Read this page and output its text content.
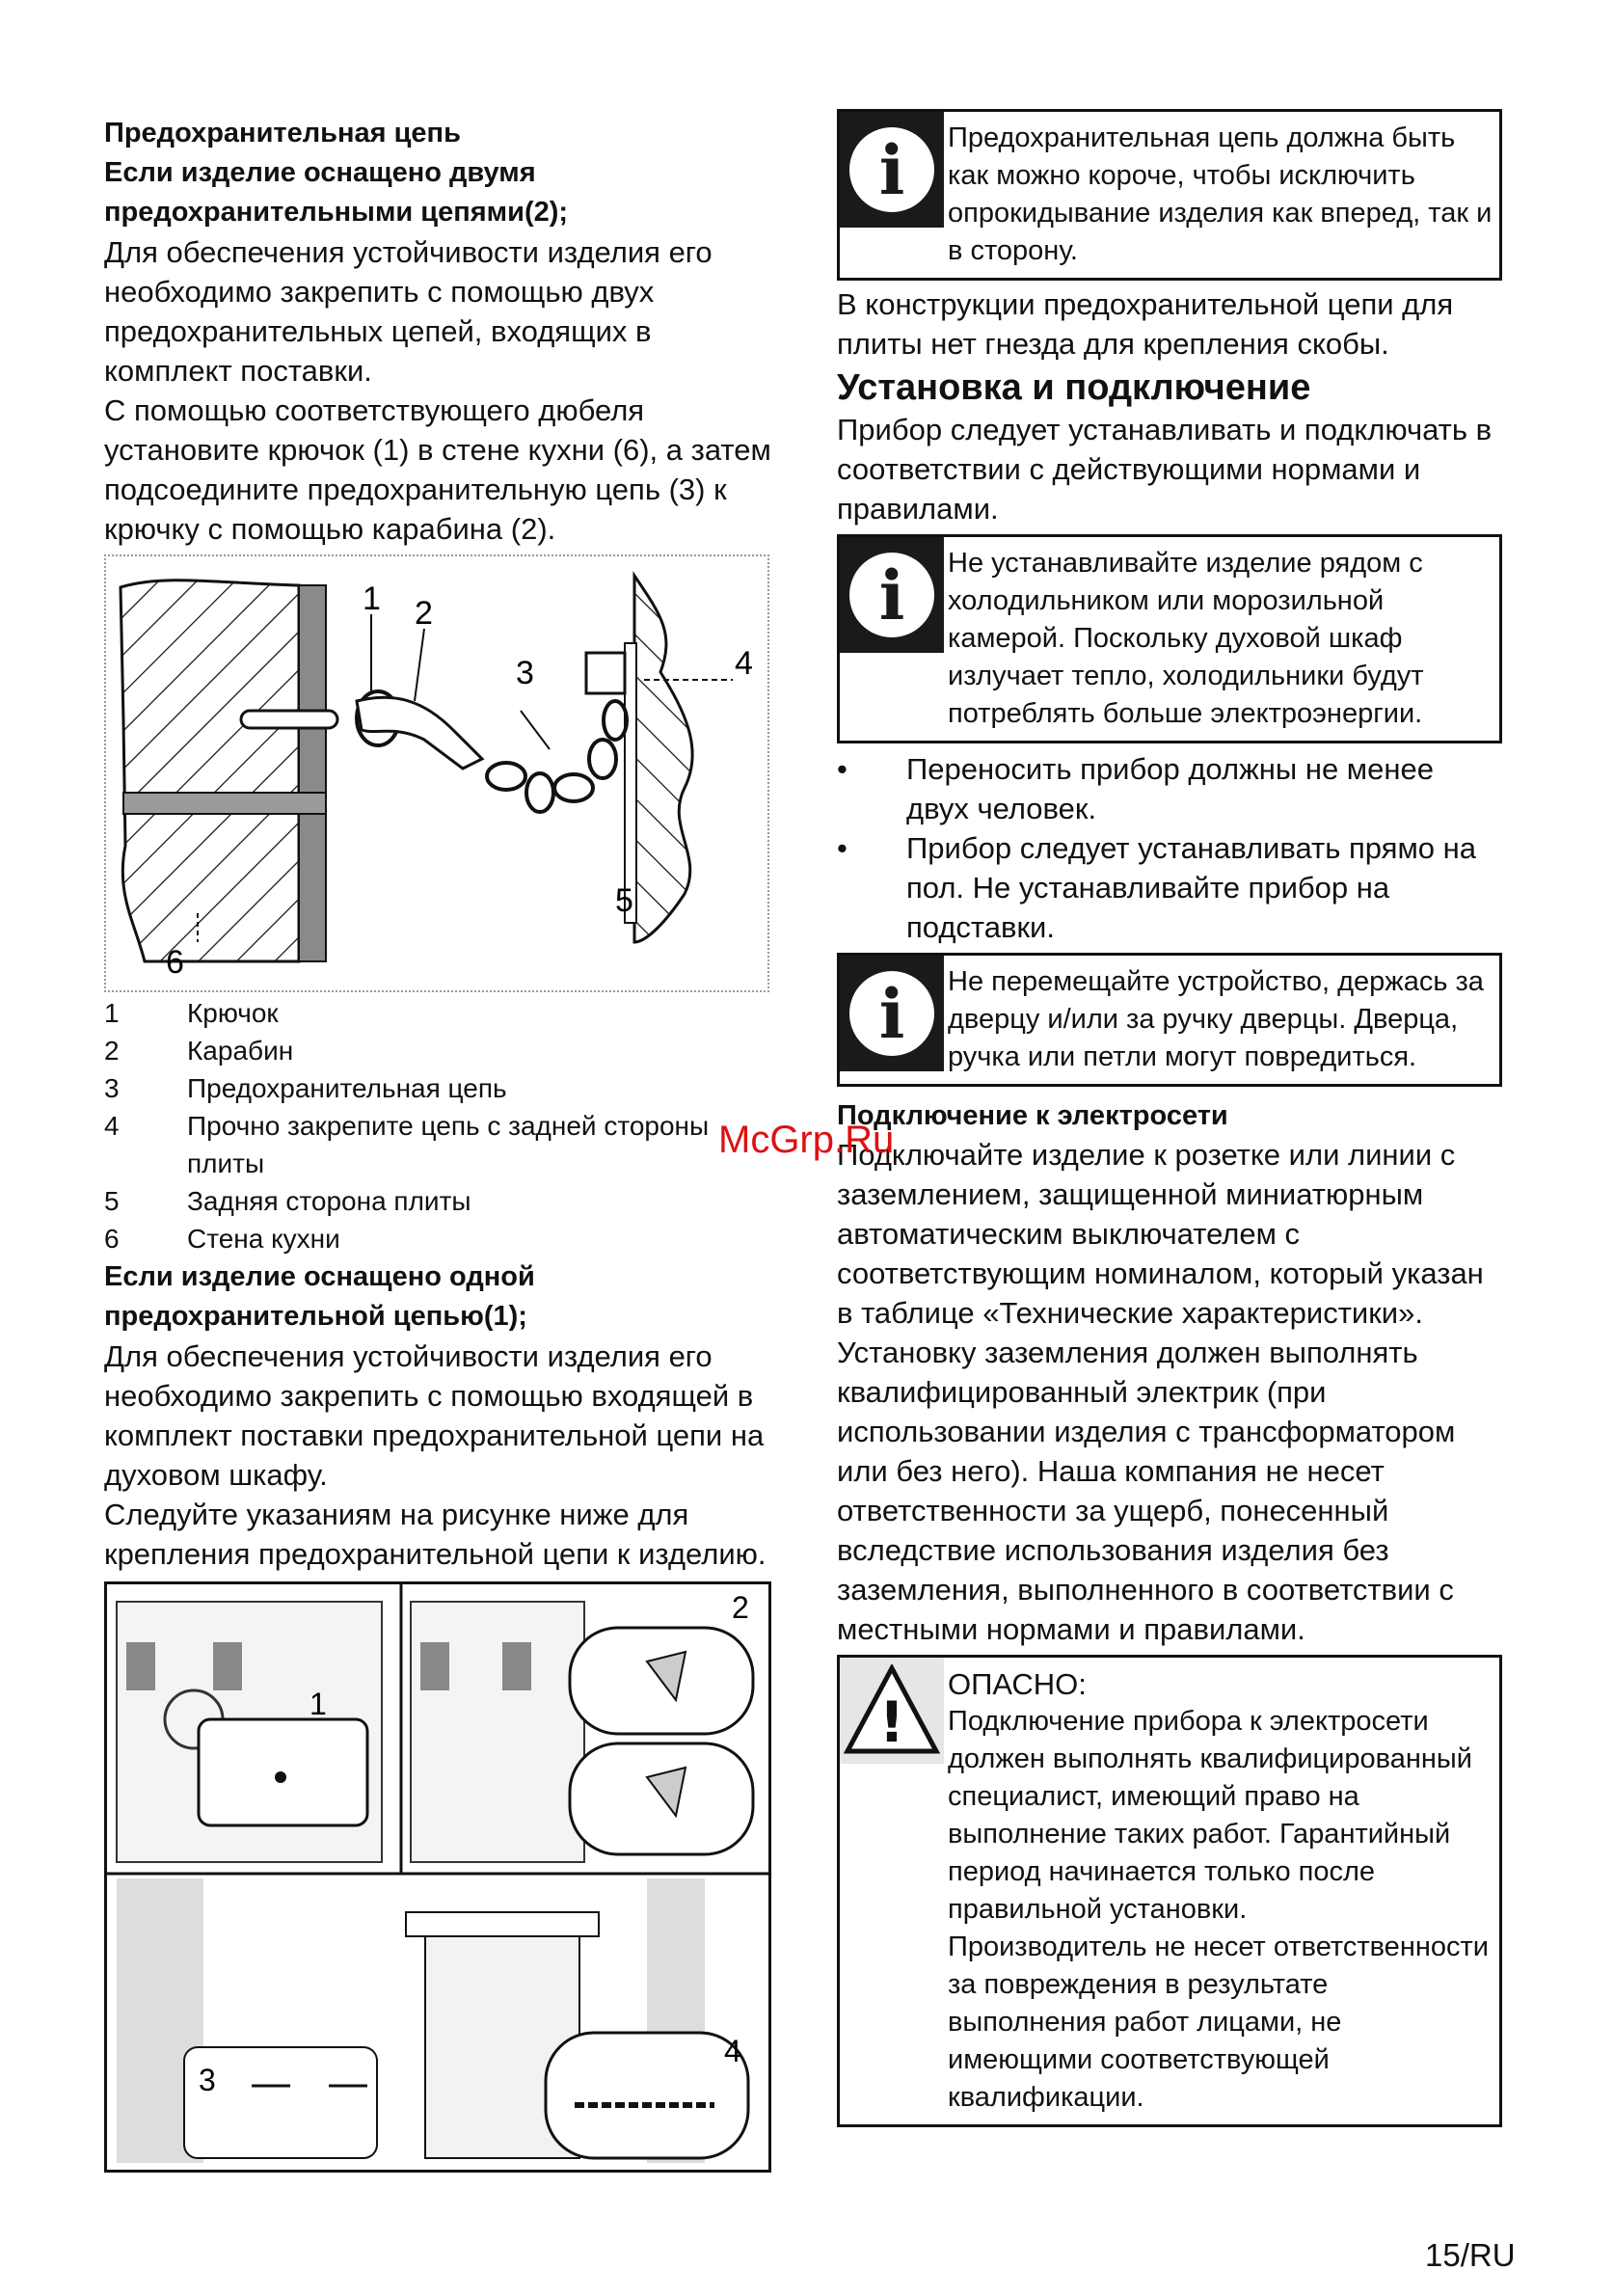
Предохранительная цепь
Если изделие оснащено двумя предохранительными цепями(2);

Для обеспечения устойчивости изделия его необходимо закрепить с помощью двух предохранительных цепей, входящих в комплект поставки.

С помощью соответствующего дюбеля установите крючок (1) в стене кухни (6), а затем подсоедините предохранительную цепь (3) к крючку с помощью карабина (2).

1 2
3	4
5
6
1	Крючок
2	Карабин
3	Предохранительная цепь
4	Прочно закрепите цепь с задней стороны плиты
5	Задняя сторона плиты
6	Стена кухни
Если изделие оснащено одной предохранительной цепью(1);

Для обеспечения устойчивости изделия его необходимо закрепить с помощью входящей в комплект поставки предохранительной цепи на духовом шкафу.

Следуйте указаниям на рисунке ниже для крепления предохранительной цепи к изделию.

1
2
3
4
i	Предохранительная цепь должна быть как можно короче, чтобы исключить опрокидывание изделия как вперед, так и в сторону.

В конструкции предохранительной цепи для плиты нет гнезда для крепления скобы.

Установка и подключение

Прибор следует устанавливать и подключать в соответствии с действующими нормами и правилами.

i	Не устанавливайте изделие рядом с холодильником или морозильной камерой. Поскольку духовой шкаф излучает тепло, холодильники будут потреблять больше электроэнергии.
• Переносить прибор должны не менее двух человек.
• Прибор следует устанавливать прямо на пол. Не устанавливайте прибор на подставки.
i	Не перемещайте устройство, держась за дверцу и/или за ручку дверцы. Дверца, ручка или петли могут повредиться.
Подключение к электросети

Подключайте изделие к розетке или линии с заземлением, защищенной миниатюрным автоматическим выключателем с соответствующим номиналом, который указан в таблице «Технические характеристики». Установку заземления должен выполнять квалифицированный электрик (при использовании изделия с трансформатором или без него). Наша компания не несет ответственности за ущерб, понесенный вследствие использования изделия без заземления, выполненного в соответствии с местными нормами и правилами.

!
ОПАСНО:
Подключение прибора к электросети должен выполнять квалифицированный специалист, имеющий право на выполнение таких работ. Гарантийный период начинается только после правильной установки.
Производитель не несет ответственности за повреждения в результате выполнения работ лицами, не имеющими соответствующей квалификации.
McGrp.Ru
15/RU
